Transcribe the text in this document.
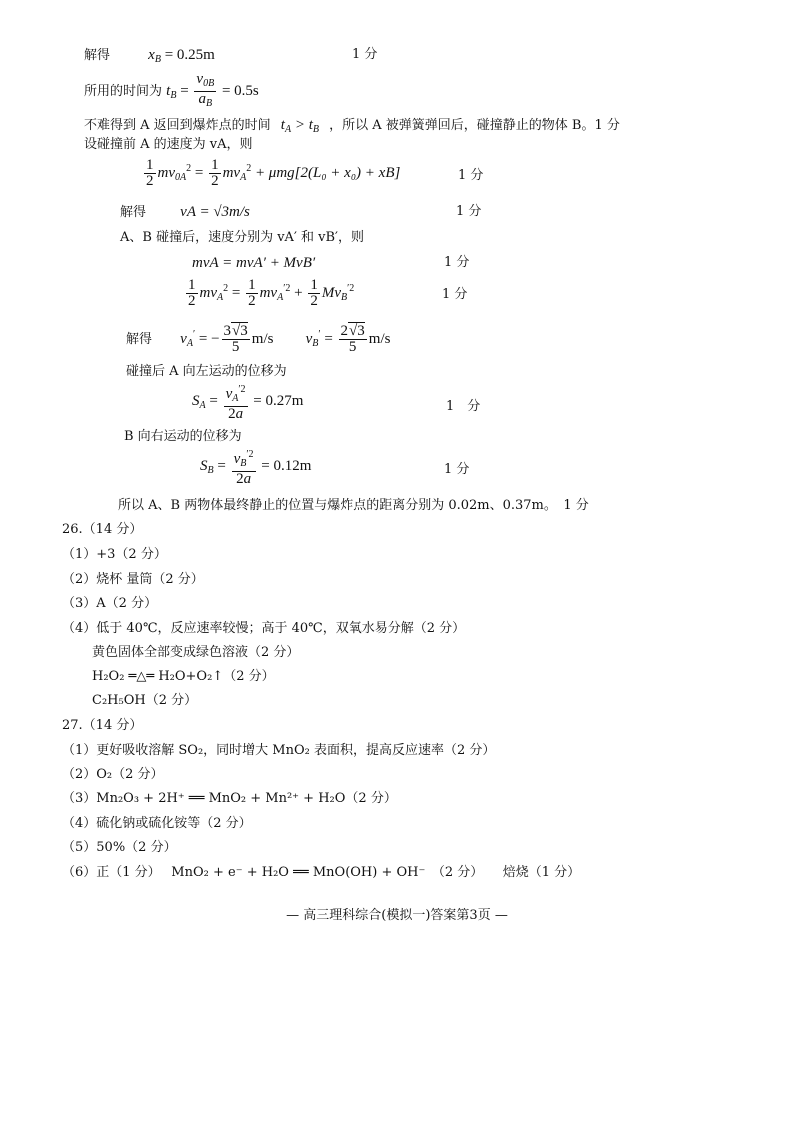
解得	$x_B = 0.25m$	1 分
所用的时间为 $t_B = \frac{v_{0B}}{a_B} = 0.5s$
不难得到 A 返回到爆炸点的时间 $t_A > t_B$ ，所以 A 被弹簧弹回后，碰撞静止的物体 B。1 分
设碰撞前 A 的速度为 vA，则
$\frac{1}{2} mv_{0A}^2 = \frac{1}{2} mv_A^2 + \mu mg[2(L_0 + x_0) + xB]$	1 分
解得 vA = √3m/s	1 分
A、B 碰撞后，速度分别为 vA′ 和 vB′，则
mvA = mvA′ + MvB′	1 分
$\frac{1}{2} mv_A^2 = \frac{1}{2} mv_A^{'2} + \frac{1}{2} Mv_B^{'2}$	1 分
解得 $v_A'$ = − $\frac{3√3}{5} m/s$ $v_B' = \frac{2√3}{5} m/s$
碰撞后 A 向左运动的位移为
$S_A = \frac{v_A^{'2}}{2a} = 0.27m$	1　分
B 向右运动的位移为
$S_B = \frac{v_B^{'2}}{2a} = 0.12m$	1 分
所以 A、B 两物体最终静止的位置与爆炸点的距离分别为 0.02m、0.37m。　1 分
26.（14 分）
（1）+3（2 分）
（2）烧杯 量筒（2 分）
（3）A（2 分）
（4）低于 40℃，反应速率较慢；高于 40℃，双氧水易分解（2 分）
黄色固体全部变成绿色溶液（2 分）
H₂O₂ ═△═ H₂O+O₂↑（2 分）
C₂H₅OH（2 分）
27.（14 分）
（1）更好吸收溶解 SO₂，同时增大 MnO₂ 表面积，提高反应速率（2 分）
（2）O₂（2 分）
（3）Mn₂O₃ + 2H⁺ ══ MnO₂ + Mn²⁺ + H₂O（2 分）
（4）硫化钠或硫化铵等（2 分）
（5）50%（2 分）
（6）正（1 分）　 MnO₂ + e⁻ + H₂O ══ MnO(OH) + OH⁻　（2 分）　　焙烧（1 分）
— 高三理科综合(模拟一)答案第3页 —
